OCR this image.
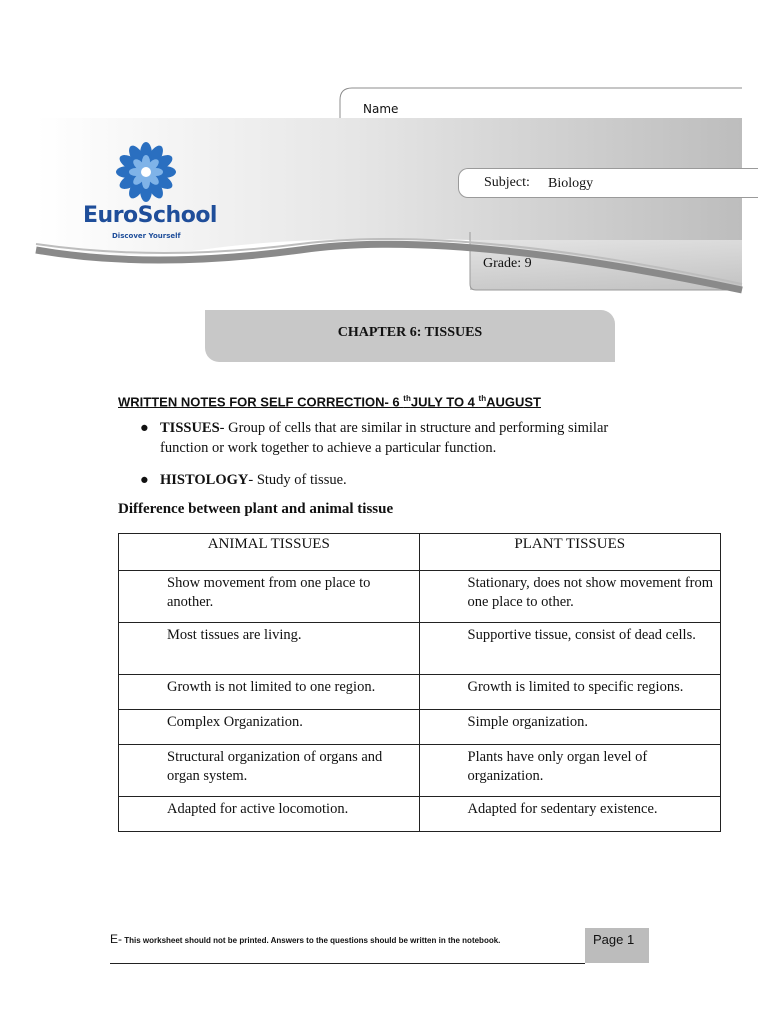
Name
Subject: Biology
Grade: 9
EuroSchool
Discover Yourself
CHAPTER 6: TISSUES
WRITTEN NOTES FOR SELF CORRECTION- 6 $^{th}$JULY TO 4 $^{th}$AUGUST
● TISSUES- Group of cells that are similar in structure and performing similar function or work together to achieve a particular function.
● HISTOLOGY- Study of tissue.
Difference between plant and animal tissue
ANIMAL TISSUES	PLANT TISSUES
Show movement from one place to another.	Stationary, does not show movement from one place to other.
Most tissues are living.	Supportive tissue, consist of dead cells.
Growth is not limited to one region.	Growth is limited to specific regions.
Complex Organization.	Simple organization.
Structural organization of organs and organ system.	Plants have only organ level of organization.
Adapted for active locomotion.	Adapted for sedentary existence.
E- This worksheet should not be printed. Answers to the questions should be written in the notebook.	Page 1
